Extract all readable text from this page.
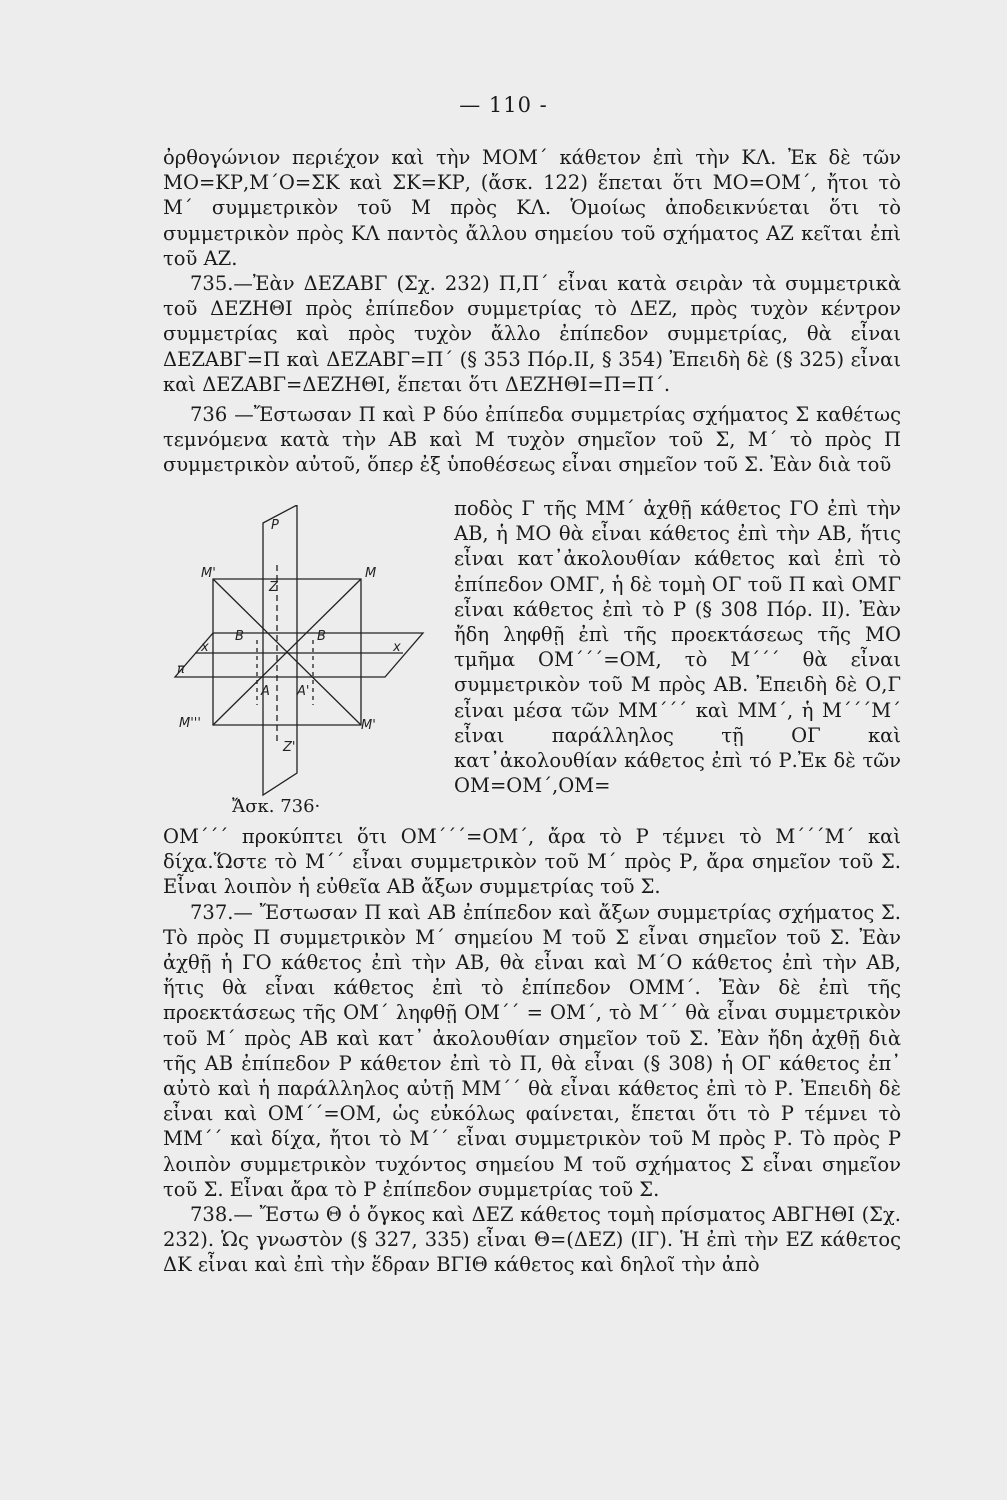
— 110 -

ὀρθογώνιον περιέχον καὶ τὴν ΜΟΜ΄ κάθετον ἐπὶ τὴν ΚΛ. Ἐκ δὲ τῶν ΜΟ=ΚΡ,Μ΄Ο=ΣΚ καὶ ΣΚ=ΚΡ, (ἄσκ. 122) ἕπεται ὅτι ΜΟ=ΟΜ΄, ἤτοι τὸ Μ΄ συμμετρικὸν τοῦ Μ πρὸς ΚΛ. Ὁμοίως ἀποδεικνύεται ὅτι τὸ συμμετρικὸν πρὸς ΚΛ παντὸς ἄλλου σημείου τοῦ σχήματος ΑΖ κεῖται ἐπὶ τοῦ ΑΖ.

735.—Ἐὰν ΔΕΖΑΒΓ (Σχ. 232) Π,Π΄ εἶναι κατὰ σειρὰν τὰ συμμετρικὰ τοῦ ΔΕΖΗΘΙ πρὸς ἐπίπεδον συμμετρίας τὸ ΔΕΖ, πρὸς τυχὸν κέντρον συμμετρίας καὶ πρὸς τυχὸν ἄλλο ἐπίπεδον συμμετρίας, θὰ εἶναι ΔΕΖΑΒΓ=Π καὶ ΔΕΖΑΒΓ=Π΄ (§ 353 Πόρ.ΙΙ, § 354) Ἐπειδὴ δὲ (§ 325) εἶναι καὶ ΔΕΖΑΒΓ=ΔΕΖΗΘΙ, ἕπεται ὅτι ΔΕΖΗΘΙ=Π=Π΄.

736 —Ἔστωσαν Π καὶ Ρ δύο ἐπίπεδα συμμετρίας σχήματος Σ καθέτως τεμνόμενα κατὰ τὴν ΑΒ καὶ Μ τυχὸν σημεῖον τοῦ Σ, Μ΄ τὸ πρὸς Π συμμετρικὸν αὐτοῦ, ὅπερ ἐξ ὑποθέσεως εἶναι σημεῖον τοῦ Σ. Ἐὰν διὰ τοῦ

ποδὸς Γ τῆς ΜΜ΄ ἀχθῇ κάθετος ΓΟ ἐπὶ τὴν ΑΒ, ἡ ΜΟ θὰ εἶναι κάθετος ἐπὶ τὴν ΑΒ, ἥτις εἶναι κατ᾽ἀκολουθίαν κάθετος καὶ ἐπὶ τὸ ἐπίπεδον ΟΜΓ, ἡ δὲ τομὴ ΟΓ τοῦ Π καὶ ΟΜΓ εἶναι κάθετος ἐπὶ τὸ Ρ (§ 308 Πόρ. ΙΙ). Ἐὰν ἤδη ληφθῇ ἐπὶ τῆς προεκτάσεως τῆς ΜΟ τμῆμα ΟΜ΄΄΄=ΟΜ, τὸ Μ΄΄΄ θὰ εἶναι συμμετρικὸν τοῦ Μ πρὸς ΑΒ. Ἐπειδὴ δὲ Ο,Γ εἶναι μέσα τῶν ΜΜ΄΄΄ καὶ ΜΜ΄, ἡ Μ΄΄΄Μ΄ εἶναι παράλληλος τῇ ΟΓ καὶ κατ᾽ἀκολουθίαν κάθετος ἐπὶ τό Ρ.Ἐκ δὲ τῶν ΟΜ=ΟΜ΄,ΟΜ=
P
M'	M
Z
B	B
x	x
π
A A'
M'''	M'
Z'
Ἄσκ. 736·

ΟΜ΄΄΄ προκύπτει ὅτι ΟΜ΄΄΄=ΟΜ΄, ἄρα τὸ Ρ τέμνει τὸ Μ΄΄΄Μ΄ καὶ δίχα.Ὥστε τὸ Μ΄΄ εἶναι συμμετρικὸν τοῦ Μ΄ πρὸς Ρ, ἄρα σημεῖον τοῦ Σ. Εἶναι λοιπὸν ἡ εὐθεῖα ΑΒ ἄξων συμμετρίας τοῦ Σ.

737.— Ἔστωσαν Π καὶ ΑΒ ἐπίπεδον καὶ ἄξων συμμετρίας σχήματος Σ. Τὸ πρὸς Π συμμετρικὸν Μ΄ σημείου Μ τοῦ Σ εἶναι σημεῖον τοῦ Σ. Ἐὰν ἀχθῇ ἡ ΓΟ κάθετος ἐπὶ τὴν ΑΒ, θὰ εἶναι καὶ Μ΄Ο κάθετος ἐπὶ τὴν ΑΒ, ἥτις θὰ εἶναι κάθετος ἐπὶ τὸ ἐπίπεδον ΟΜΜ΄. Ἐὰν δὲ ἐπὶ τῆς προεκτάσεως τῆς ΟΜ΄ ληφθῇ ΟΜ΄΄ = ΟΜ΄, τὸ Μ΄΄ θὰ εἶναι συμμετρικὸν τοῦ Μ΄ πρὸς ΑΒ καὶ κατ᾽ ἀκολουθίαν σημεῖον τοῦ Σ. Ἐὰν ἤδη ἀχθῇ διὰ τῆς ΑΒ ἐπίπεδον Ρ κάθετον ἐπὶ τὸ Π, θὰ εἶναι (§ 308) ἡ ΟΓ κάθετος ἐπ᾽ αὐτὸ καὶ ἡ παράλληλος αὐτῇ ΜΜ΄΄ θὰ εἶναι κάθετος ἐπὶ τὸ Ρ. Ἐπειδὴ δὲ εἶναι καὶ ΟΜ΄΄=ΟΜ, ὡς εὐκόλως φαίνεται, ἕπεται ὅτι τὸ Ρ τέμνει τὸ ΜΜ΄΄ καὶ δίχα, ἤτοι τὸ Μ΄΄ εἶναι συμμετρικὸν τοῦ Μ πρὸς Ρ. Τὸ πρὸς Ρ λοιπὸν συμμετρικὸν τυχόντος σημείου Μ τοῦ σχήματος Σ εἶναι σημεῖον τοῦ Σ. Εἶναι ἄρα τὸ Ρ ἐπίπεδον συμμετρίας τοῦ Σ.

738.— Ἔστω Θ ὁ ὄγκος καὶ ΔΕΖ κάθετος τομὴ πρίσματος ΑΒΓΗΘΙ (Σχ. 232). Ὡς γνωστὸν (§ 327, 335) εἶναι Θ=(ΔΕΖ) (ΙΓ). Ἡ ἐπὶ τὴν ΕΖ κάθετος ΔΚ εἶναι καὶ ἐπὶ τὴν ἕδραν ΒΓΙΘ κάθετος καὶ δηλοῖ τὴν ἀπὸ
